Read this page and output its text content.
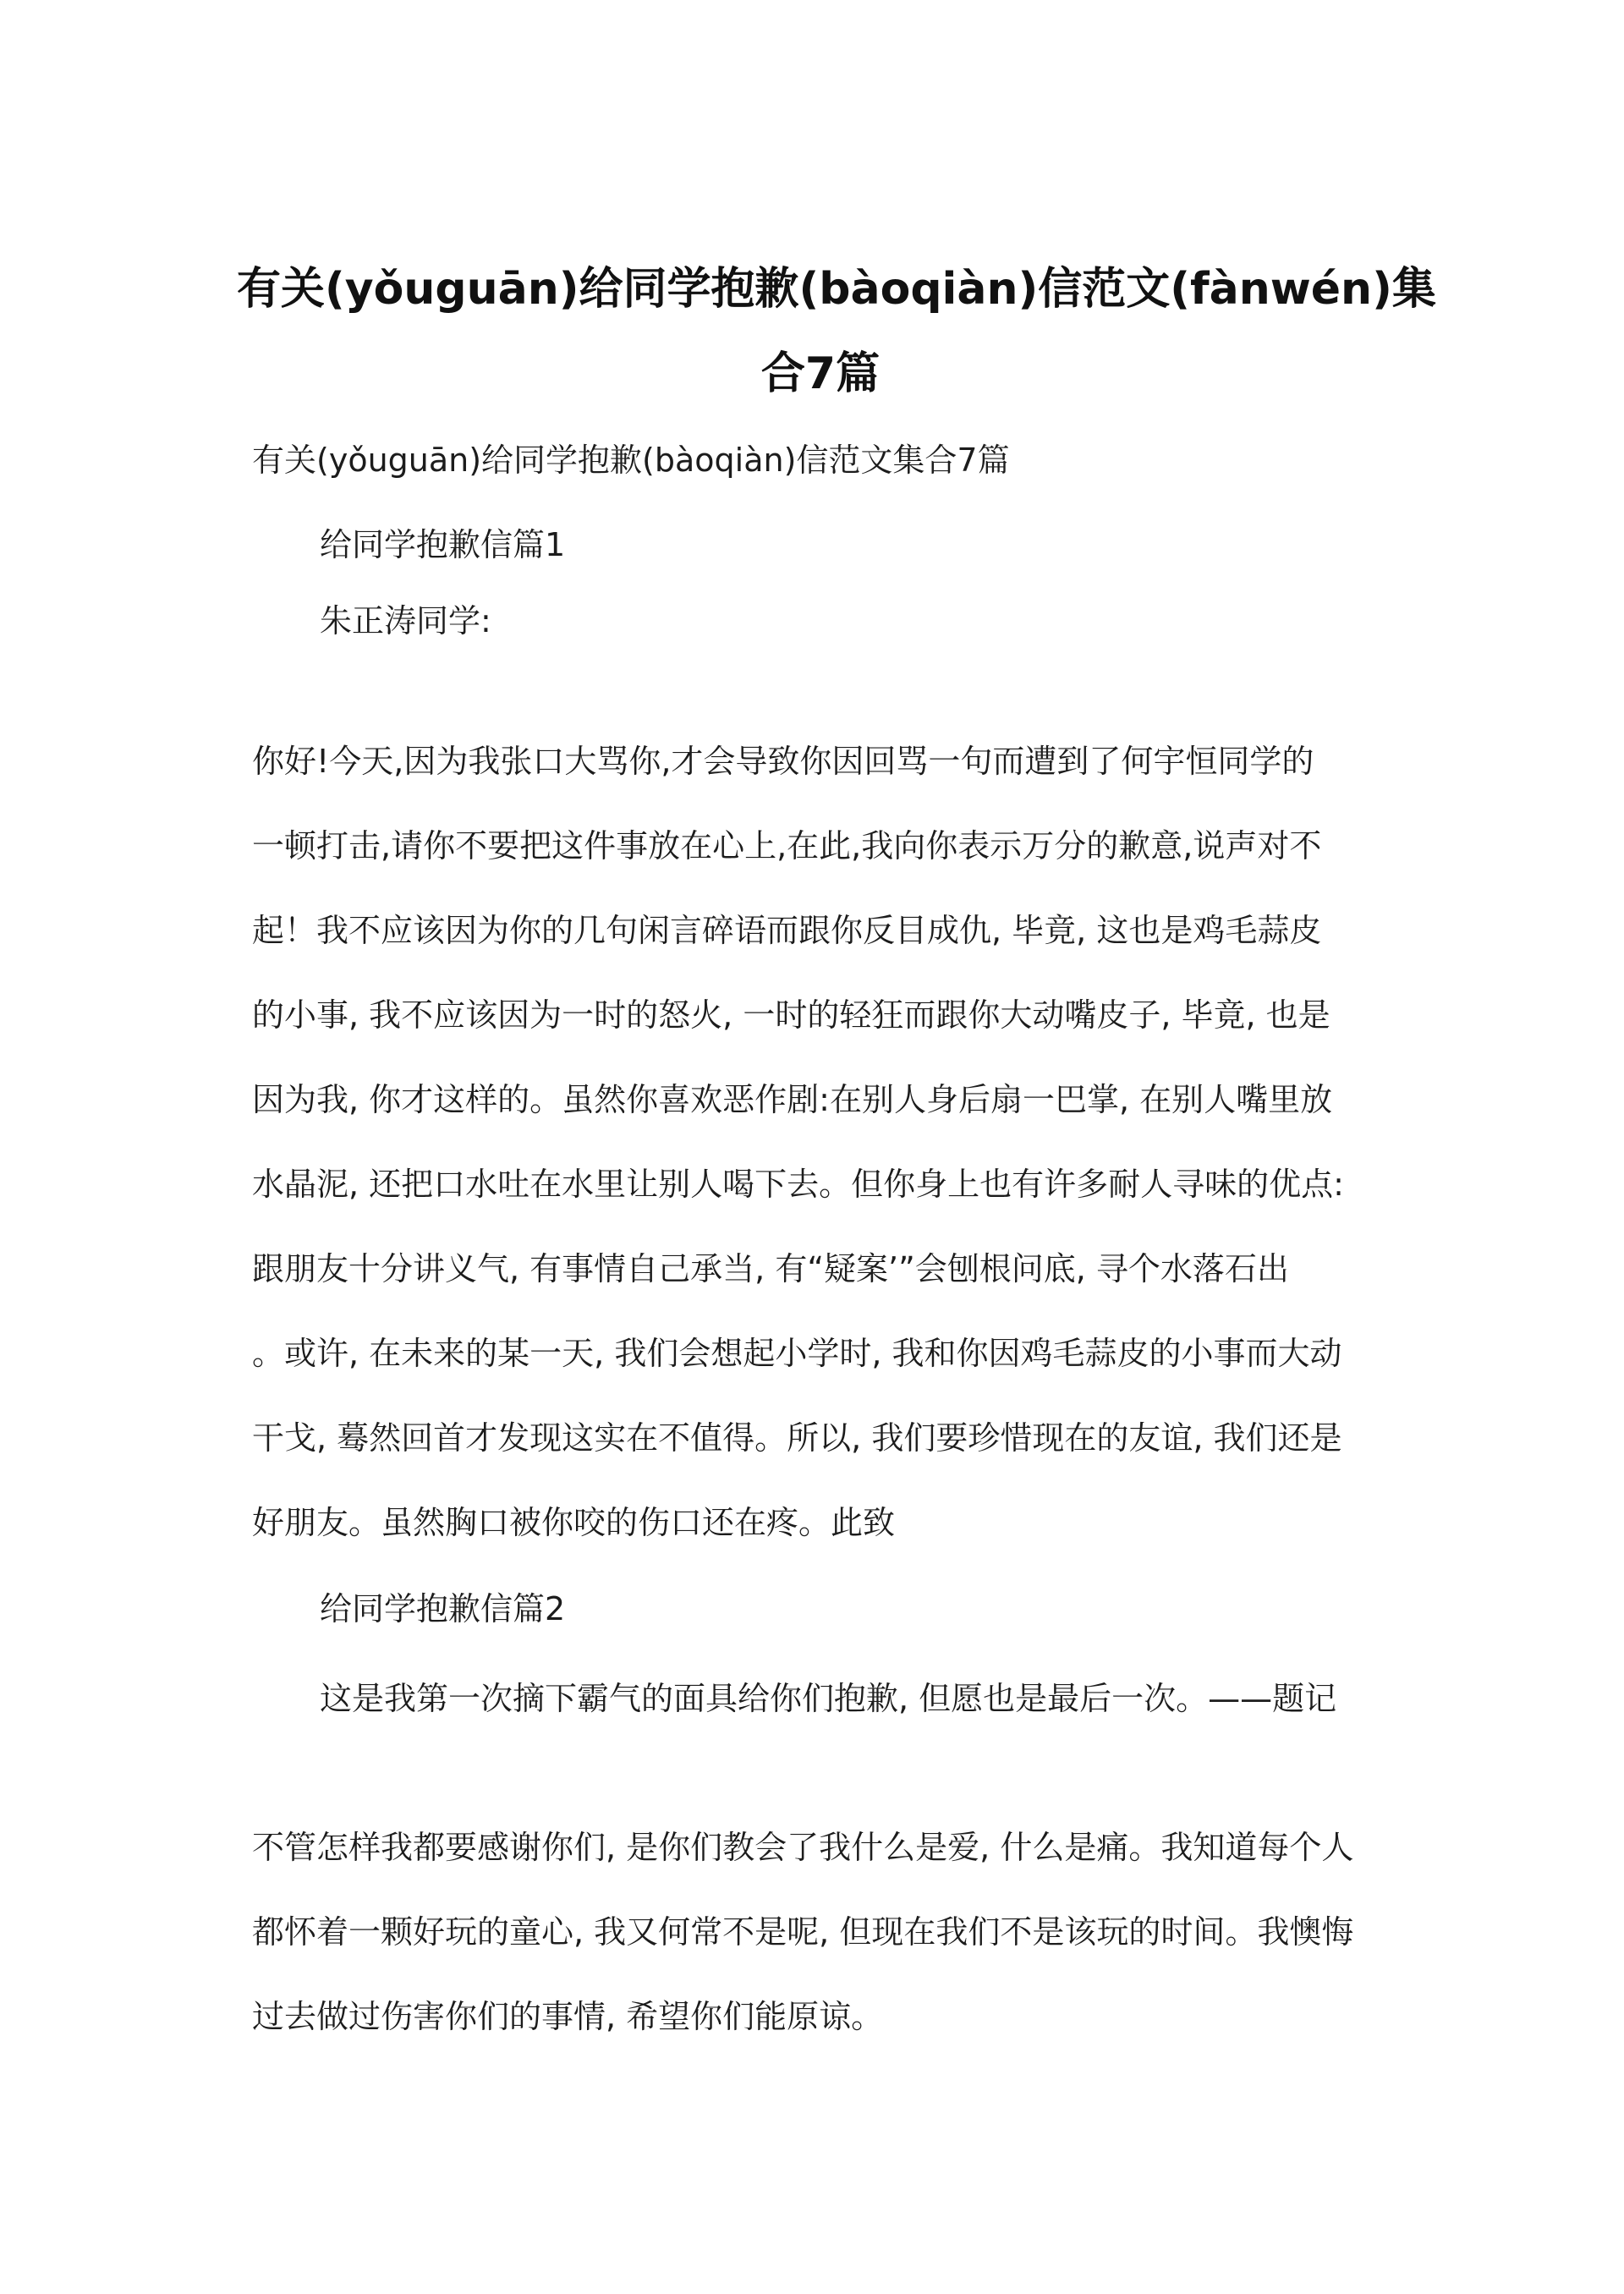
有关(yǒuguān)给同学抱歉(bàoqiàn)信范文(fànwén)集
合7篇
有关(yǒuguān)给同学抱歉(bàoqiàn)信范文集合7篇
给同学抱歉信篇1
朱正涛同学:
你好!今天,因为我张口大骂你,才会导致你因回骂一句而遭到了何宇恒同学的
一顿打击,请你不要把这件事放在心上,在此,我向你表示万分的歉意,说声对不
起！我不应该因为你的几句闲言碎语而跟你反目成仇, 毕竟, 这也是鸡毛蒜皮
的小事, 我不应该因为一时的怒火, 一时的轻狂而跟你大动嘴皮子, 毕竟, 也是
因为我, 你才这样的。虽然你喜欢恶作剧:在别人身后扇一巴掌, 在别人嘴里放
水晶泥, 还把口水吐在水里让别人喝下去。但你身上也有许多耐人寻味的优点:
跟朋友十分讲义气, 有事情自己承当, 有“疑案’”会刨根问底, 寻个水落石出
。或许, 在未来的某一天, 我们会想起小学时, 我和你因鸡毛蒜皮的小事而大动
干戈, 蓦然回首才发现这实在不值得。所以, 我们要珍惜现在的友谊, 我们还是
好朋友。虽然胸口被你咬的伤口还在疼。此致
给同学抱歉信篇2
这是我第一次摘下霸气的面具给你们抱歉, 但愿也是最后一次。——题记
不管怎样我都要感谢你们, 是你们教会了我什么是爱, 什么是痛。我知道每个人
都怀着一颗好玩的童心, 我又何常不是呢, 但现在我们不是该玩的时间。我懊悔
过去做过伤害你们的事情, 希望你们能原谅。
